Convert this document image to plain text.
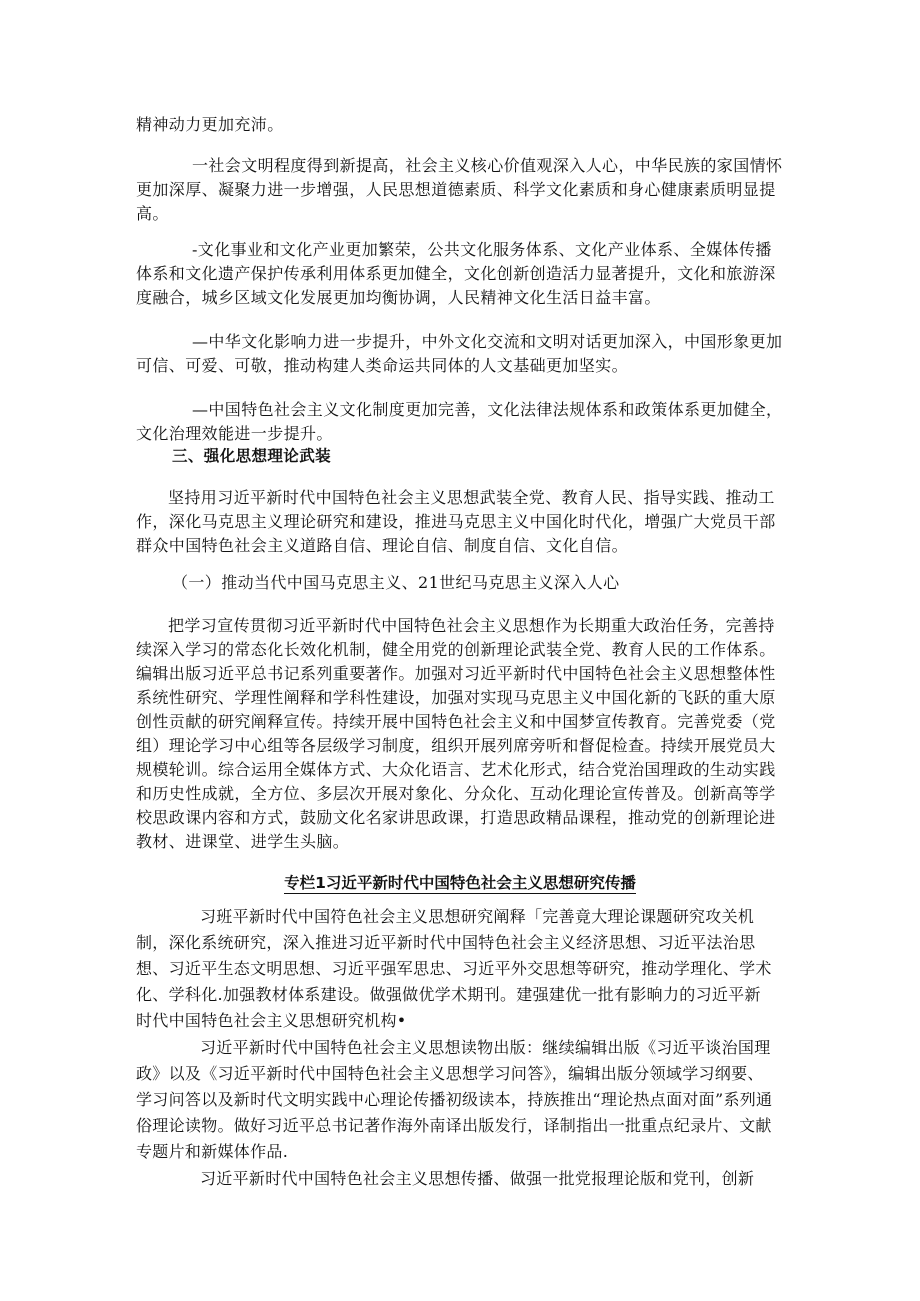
精神动力更加充沛。

一社会文明程度得到新提高，社会主义核心价值观深入人心，中华民族的家国情怀更加深厚、凝聚力进一步增强，人民思想道德素质、科学文化素质和身心健康素质明显提高。

-文化事业和文化产业更加繁荣，公共文化服务体系、文化产业体系、全媒体传播体系和文化遗产保护传承利用体系更加健全，文化创新创造活力显著提升，文化和旅游深度融合，城乡区域文化发展更加均衡协调，人民精神文化生活日益丰富。

—中华文化影响力进一步提升，中外文化交流和文明对话更加深入，中国形象更加可信、可爱、可敬，推动构建人类命运共同体的人文基础更加坚实。

—中国特色社会主义文化制度更加完善，文化法律法规体系和政策体系更加健全，文化治理效能进一步提升。

三、强化思想理论武装

坚持用习近平新时代中国特色社会主义思想武装全党、教育人民、指导实践、推动工作，深化马克思主义理论研究和建设，推进马克思主义中国化时代化，增强广大党员干部群众中国特色社会主义道路自信、理论自信、制度自信、文化自信。

（一）推动当代中国马克思主义、21世纪马克思主义深入人心

把学习宣传贯彻习近平新时代中国特色社会主义思想作为长期重大政治任务，完善持续深入学习的常态化长效化机制，健全用党的创新理论武装全党、教育人民的工作体系。编辑出版习近平总书记系列重要著作。加强对习近平新时代中国特色社会主义思想整体性系统性研究、学理性阐释和学科性建设，加强对实现马克思主义中国化新的飞跃的重大原创性贡献的研究阐释宣传。持续开展中国特色社会主义和中国梦宣传教育。完善党委（党组）理论学习中心组等各层级学习制度，组织开展列席旁听和督促检查。持续开展党员大规模轮训。综合运用全媒体方式、大众化语言、艺术化形式，结合党治国理政的生动实践和历史性成就，全方位、多层次开展对象化、分众化、互动化理论宣传普及。创新高等学校思政课内容和方式，鼓励文化名家讲思政课，打造思政精品课程，推动党的创新理论进教材、进课堂、进学生头脑。

专栏1习近平新时代中国特色社会主义思想研究传播

习班平新时代中国符色社会主义思想研究阐释「完善竟大理论课题研究攻关机制，深化系统研究，深入推进习近平新时代中国特色社会主义经济思想、习近平法治思想、习近平生态文明思想、习近平强军思忠、习近平外交思想等研究，推动学理化、学术化、学科化.加强教材体系建设。做强做优学术期刊。建强建优一批有影晌力的习近平新时代中国特色社会主义思想研究机构•

习近平新时代中国特色社会主义思想读物出版：继续编辑出版《习近平谈治国理政》以及《习近平新时代中国特色社会主义思想学习问答》，编辑出版分领域学习纲要、学习问答以及新时代文明实践中心理论传播初级读本，持族推出“理论热点面对面”系列通俗理论读物。做好习近平总书记著作海外南译出版发行，译制指出一批重点纪录片、文献专题片和新媒体作品.

习近平新时代中国特色社会主义思想传播、做强一批党报理论版和党刊，创新
